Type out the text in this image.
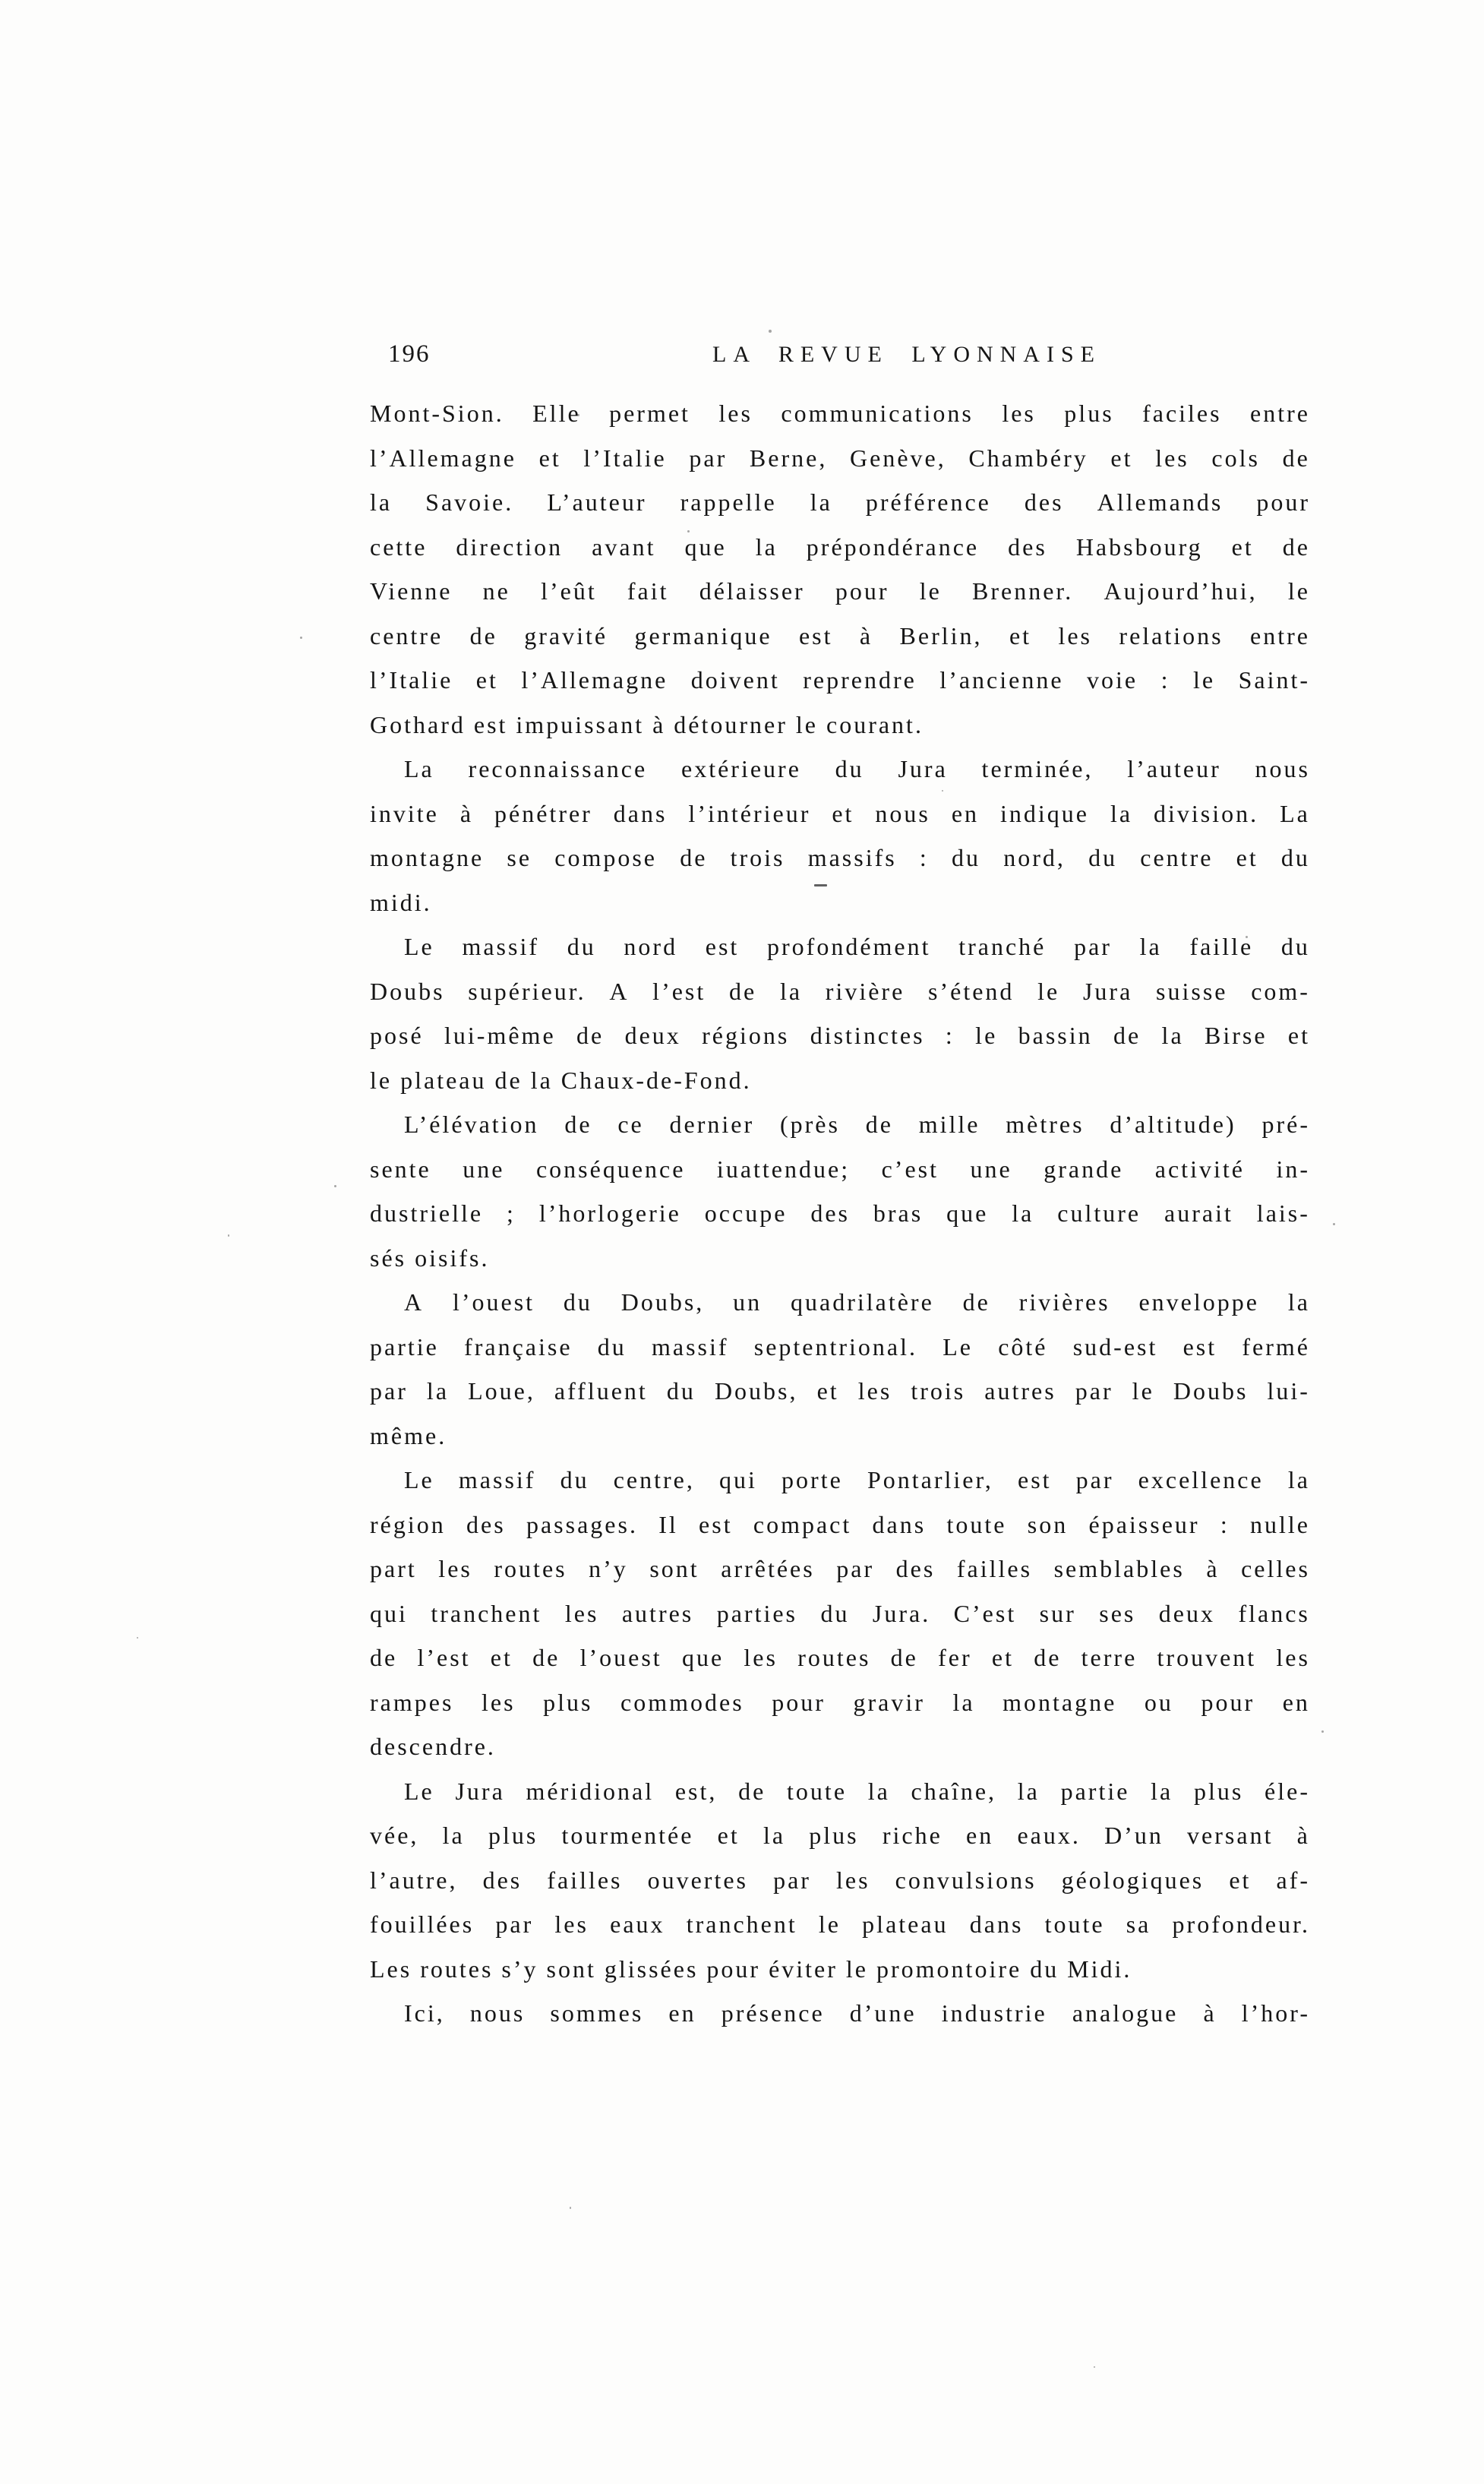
196	LA REVUE LYONNAISE
Mont-Sion. Elle permet les communications les plus faciles entre
l’Allemagne et l’Italie par Berne, Genève, Chambéry et les cols de
la Savoie. L’auteur rappelle la préférence des Allemands pour
cette direction avant que la prépondérance des Habsbourg et de
Vienne ne l’eût fait délaisser pour le Brenner. Aujourd’hui, le
centre de gravité germanique est à Berlin, et les relations entre
l’Italie et l’Allemagne doivent reprendre l’ancienne voie : le Saint-
Gothard est impuissant à détourner le courant.
La reconnaissance extérieure du Jura terminée, l’auteur nous
invite à pénétrer dans l’intérieur et nous en indique la division. La
montagne se compose de trois massifs : du nord, du centre et du
midi.
Le massif du nord est profondément tranché par la faille du
Doubs supérieur. A l’est de la rivière s’étend le Jura suisse com-
posé lui-même de deux régions distinctes : le bassin de la Birse et
le plateau de la Chaux-de-Fond.
L’élévation de ce dernier (près de mille mètres d’altitude) pré-
sente une conséquence iuattendue; c’est une grande activité in-
dustrielle ; l’horlogerie occupe des bras que la culture aurait lais-
sés oisifs.
A l’ouest du Doubs, un quadrilatère de rivières enveloppe la
partie française du massif septentrional. Le côté sud-est est fermé
par la Loue, affluent du Doubs, et les trois autres par le Doubs lui-
même.
Le massif du centre, qui porte Pontarlier, est par excellence la
région des passages. Il est compact dans toute son épaisseur : nulle
part les routes n’y sont arrêtées par des failles semblables à celles
qui tranchent les autres parties du Jura. C’est sur ses deux flancs
de l’est et de l’ouest que les routes de fer et de terre trouvent les
rampes les plus commodes pour gravir la montagne ou pour en
descendre.
Le Jura méridional est, de toute la chaîne, la partie la plus éle-
vée, la plus tourmentée et la plus riche en eaux. D’un versant à
l’autre, des failles ouvertes par les convulsions géologiques et af-
fouillées par les eaux tranchent le plateau dans toute sa profondeur.
Les routes s’y sont glissées pour éviter le promontoire du Midi.
Ici, nous sommes en présence d’une industrie analogue à l’hor-
